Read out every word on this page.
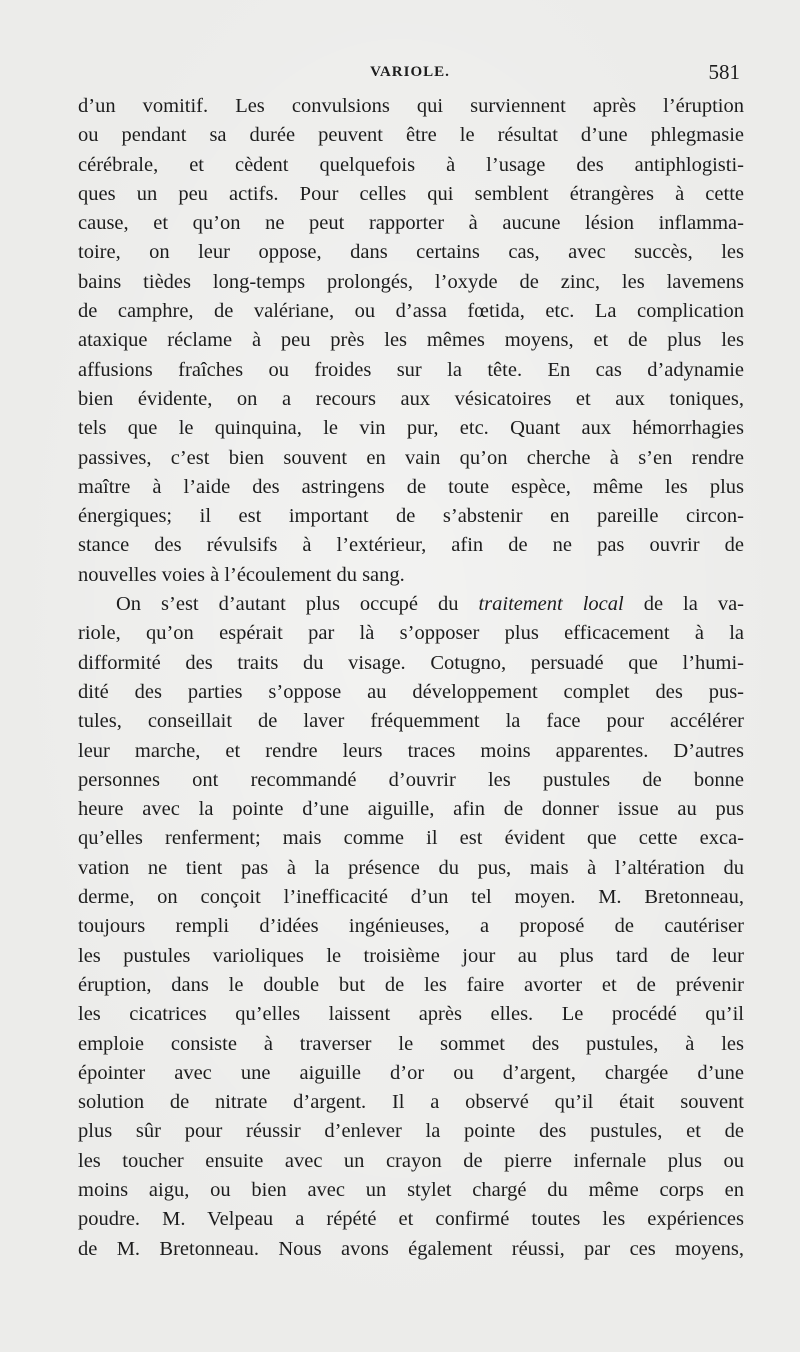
VARIOLE.	581
d’un vomitif. Les convulsions qui surviennent après l’éruption
ou pendant sa durée peuvent être le résultat d’une phlegmasie
cérébrale, et cèdent quelquefois à l’usage des antiphlogisti-
ques un peu actifs. Pour celles qui semblent étrangères à cette
cause, et qu’on ne peut rapporter à aucune lésion inflamma-
toire, on leur oppose, dans certains cas, avec succès, les
bains tièdes long-temps prolongés, l’oxyde de zinc, les lavemens
de camphre, de valériane, ou d’assa fœtida, etc. La complication
ataxique réclame à peu près les mêmes moyens, et de plus les
affusions fraîches ou froides sur la tête. En cas d’adynamie
bien évidente, on a recours aux vésicatoires et aux toniques,
tels que le quinquina, le vin pur, etc. Quant aux hémorrhagies
passives, c’est bien souvent en vain qu’on cherche à s’en rendre
maître à l’aide des astringens de toute espèce, même les plus
énergiques; il est important de s’abstenir en pareille circon-
stance des révulsifs à l’extérieur, afin de ne pas ouvrir de
nouvelles voies à l’écoulement du sang.
On s’est d’autant plus occupé du traitement local de la va-
riole, qu’on espérait par là s’opposer plus efficacement à la
difformité des traits du visage. Cotugno, persuadé que l’humi-
dité des parties s’oppose au développement complet des pus-
tules, conseillait de laver fréquemment la face pour accélérer
leur marche, et rendre leurs traces moins apparentes. D’autres
personnes ont recommandé d’ouvrir les pustules de bonne
heure avec la pointe d’une aiguille, afin de donner issue au pus
qu’elles renferment; mais comme il est évident que cette exca-
vation ne tient pas à la présence du pus, mais à l’altération du
derme, on conçoit l’inefficacité d’un tel moyen. M. Bretonneau,
toujours rempli d’idées ingénieuses, a proposé de cautériser
les pustules varioliques le troisième jour au plus tard de leur
éruption, dans le double but de les faire avorter et de prévenir
les cicatrices qu’elles laissent après elles. Le procédé qu’il
emploie consiste à traverser le sommet des pustules, à les
épointer avec une aiguille d’or ou d’argent, chargée d’une
solution de nitrate d’argent. Il a observé qu’il était souvent
plus sûr pour réussir d’enlever la pointe des pustules, et de
les toucher ensuite avec un crayon de pierre infernale plus ou
moins aigu, ou bien avec un stylet chargé du même corps en
poudre. M. Velpeau a répété et confirmé toutes les expériences
de M. Bretonneau. Nous avons également réussi, par ces moyens,
